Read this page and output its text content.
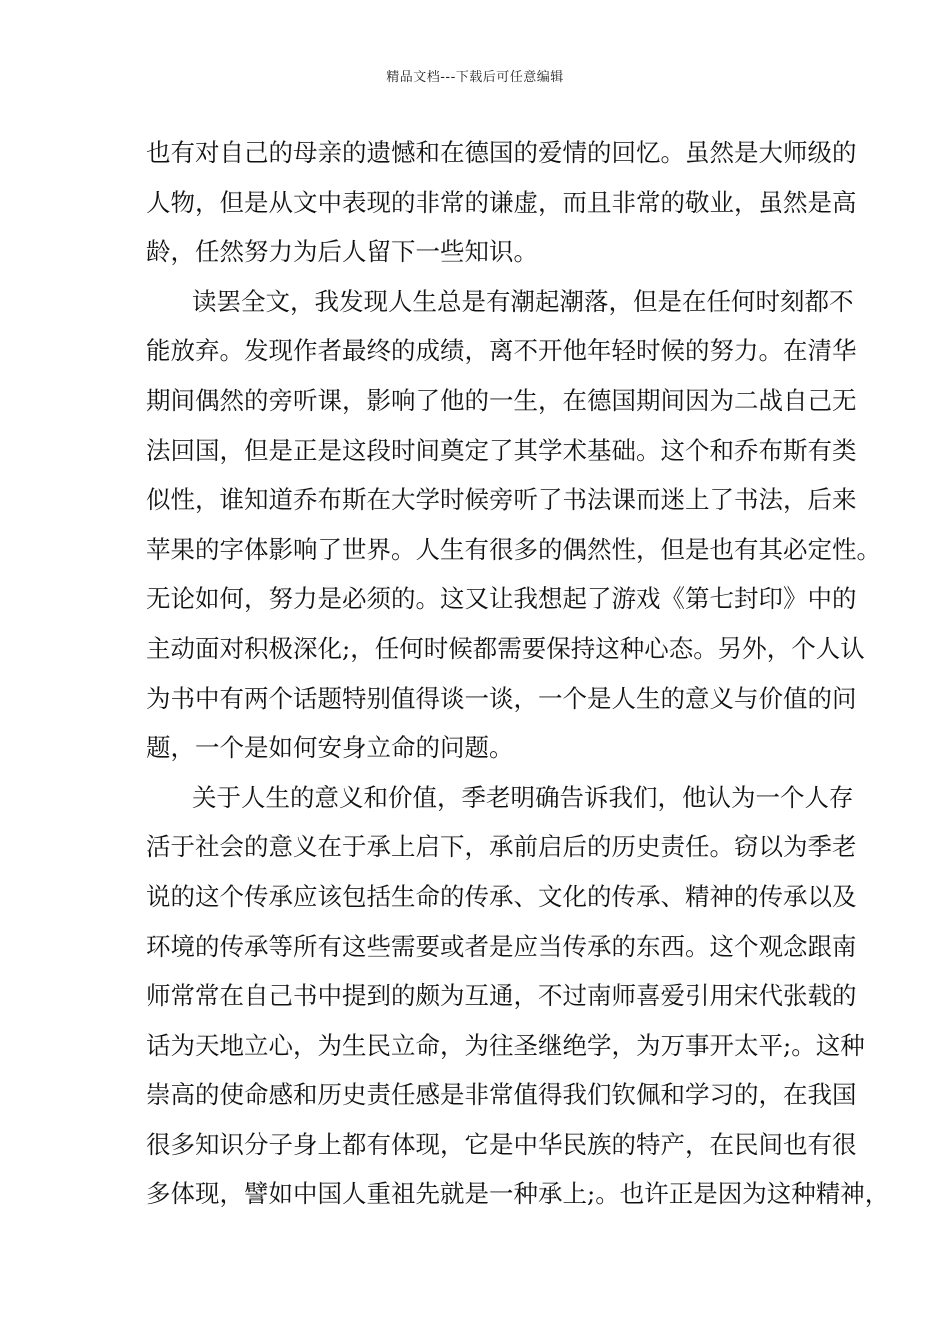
精品文档---下载后可任意编辑
也有对自己的母亲的遗憾和在德国的爱情的回忆。虽然是大师级的
人物，但是从文中表现的非常的谦虚，而且非常的敬业，虽然是高
龄，任然努力为后人留下一些知识。
读罢全文，我发现人生总是有潮起潮落，但是在任何时刻都不
能放弃。发现作者最终的成绩，离不开他年轻时候的努力。在清华
期间偶然的旁听课，影响了他的一生，在德国期间因为二战自己无
法回国，但是正是这段时间奠定了其学术基础。这个和乔布斯有类
似性，谁知道乔布斯在大学时候旁听了书法课而迷上了书法，后来
苹果的字体影响了世界。人生有很多的偶然性，但是也有其必定性。
无论如何，努力是必须的。这又让我想起了游戏《第七封印》中的
主动面对积极深化;，任何时候都需要保持这种心态。另外，个人认
为书中有两个话题特别值得谈一谈，一个是人生的意义与价值的问
题，一个是如何安身立命的问题。
关于人生的意义和价值，季老明确告诉我们，他认为一个人存
活于社会的意义在于承上启下，承前启后的历史责任。窃以为季老
说的这个传承应该包括生命的传承、文化的传承、精神的传承以及
环境的传承等所有这些需要或者是应当传承的东西。这个观念跟南
师常常在自己书中提到的颇为互通，不过南师喜爱引用宋代张载的
话为天地立心，为生民立命，为往圣继绝学，为万事开太平;。这种
崇高的使命感和历史责任感是非常值得我们钦佩和学习的，在我国
很多知识分子身上都有体现，它是中华民族的特产，在民间也有很
多体现，譬如中国人重祖先就是一种承上;。也许正是因为这种精神，
